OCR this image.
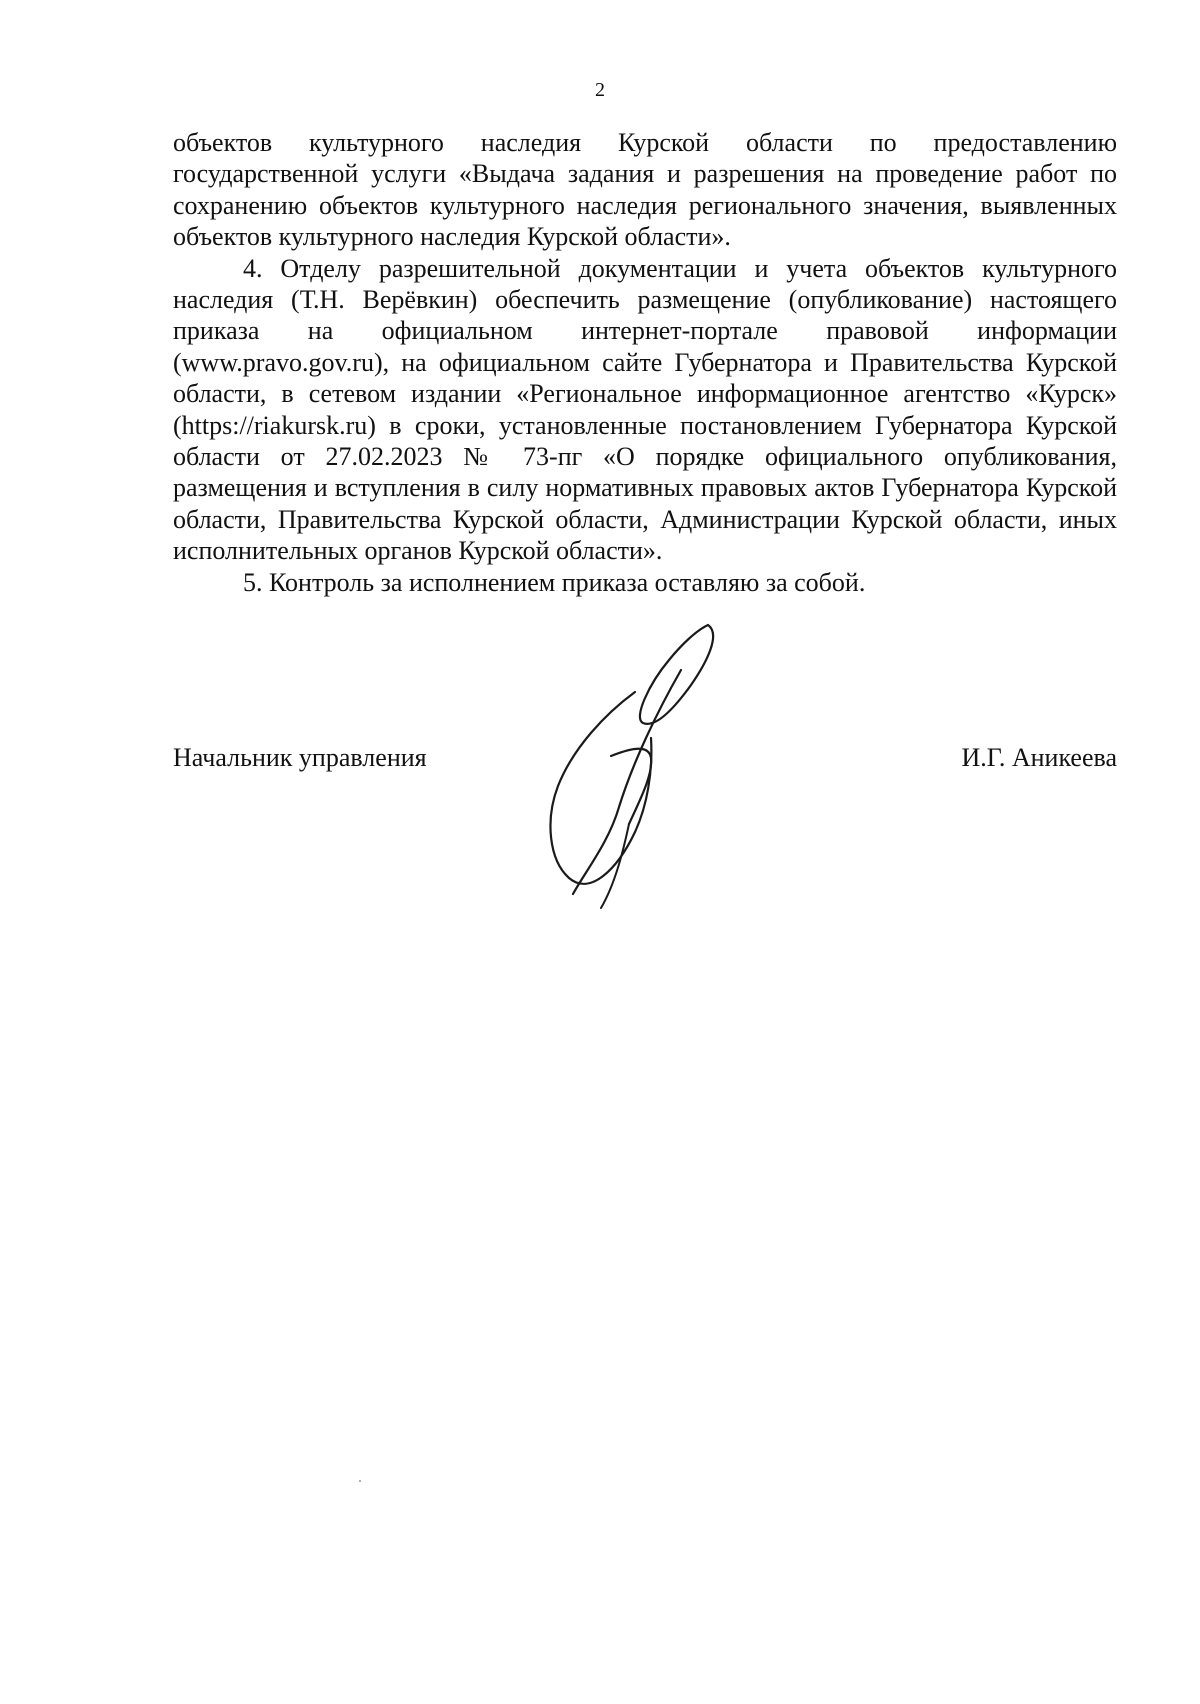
2

объектов культурного наследия Курской области по предоставлению государственной услуги «Выдача задания и разрешения на проведение работ по сохранению объектов культурного наследия регионального значения, выявленных объектов культурного наследия Курской области».

4. Отделу разрешительной документации и учета объектов культурного наследия (Т.Н. Верёвкин) обеспечить размещение (опубликование) настоящего приказа на официальном интернет-портале правовой информации (www.pravo.gov.ru), на официальном сайте Губернатора и Правительства Курской области, в сетевом издании «Региональное информационное агентство «Курск» (https://riakursk.ru) в сроки, установленные постановлением Губернатора Курской области от 27.02.2023 № 73-пг «О порядке официального опубликования, размещения и вступления в силу нормативных правовых актов Губернатора Курской области, Правительства Курской области, Администрации Курской области, иных исполнительных органов Курской области».

5. Контроль за исполнением приказа оставляю за собой.

Начальник управления	И.Г. Аникеева
